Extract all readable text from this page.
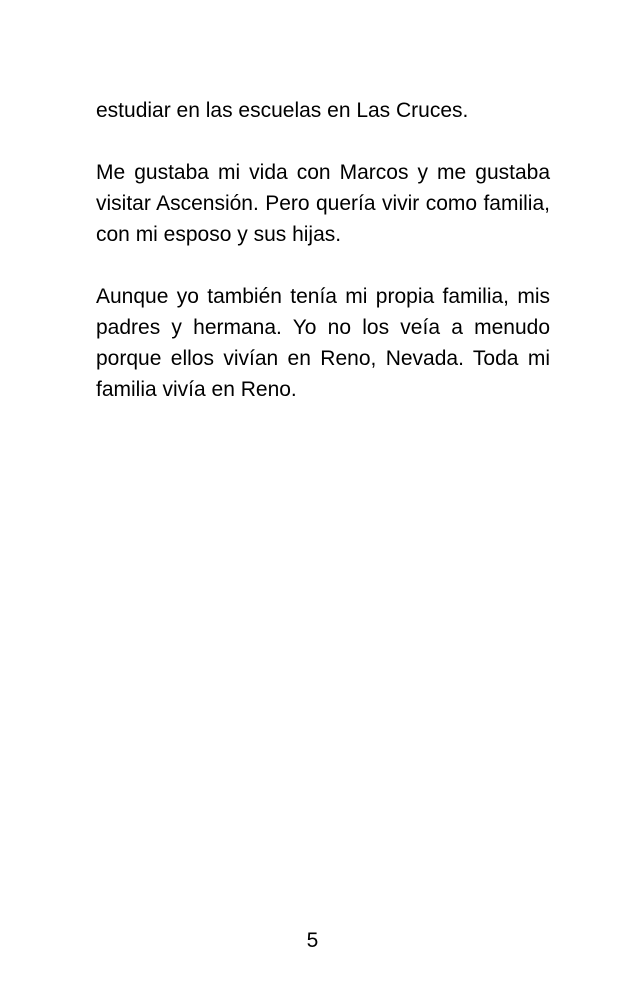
estudiar en las escuelas en Las Cruces.

Me gustaba mi vida con Marcos y me gustaba
visitar Ascensión. Pero quería vivir como familia,
con mi esposo y sus hijas.

Aunque yo también tenía mi propia familia, mis
padres y hermana. Yo no los veía a menudo
porque ellos vivían en Reno, Nevada. Toda mi
familia vivía en Reno.

5
